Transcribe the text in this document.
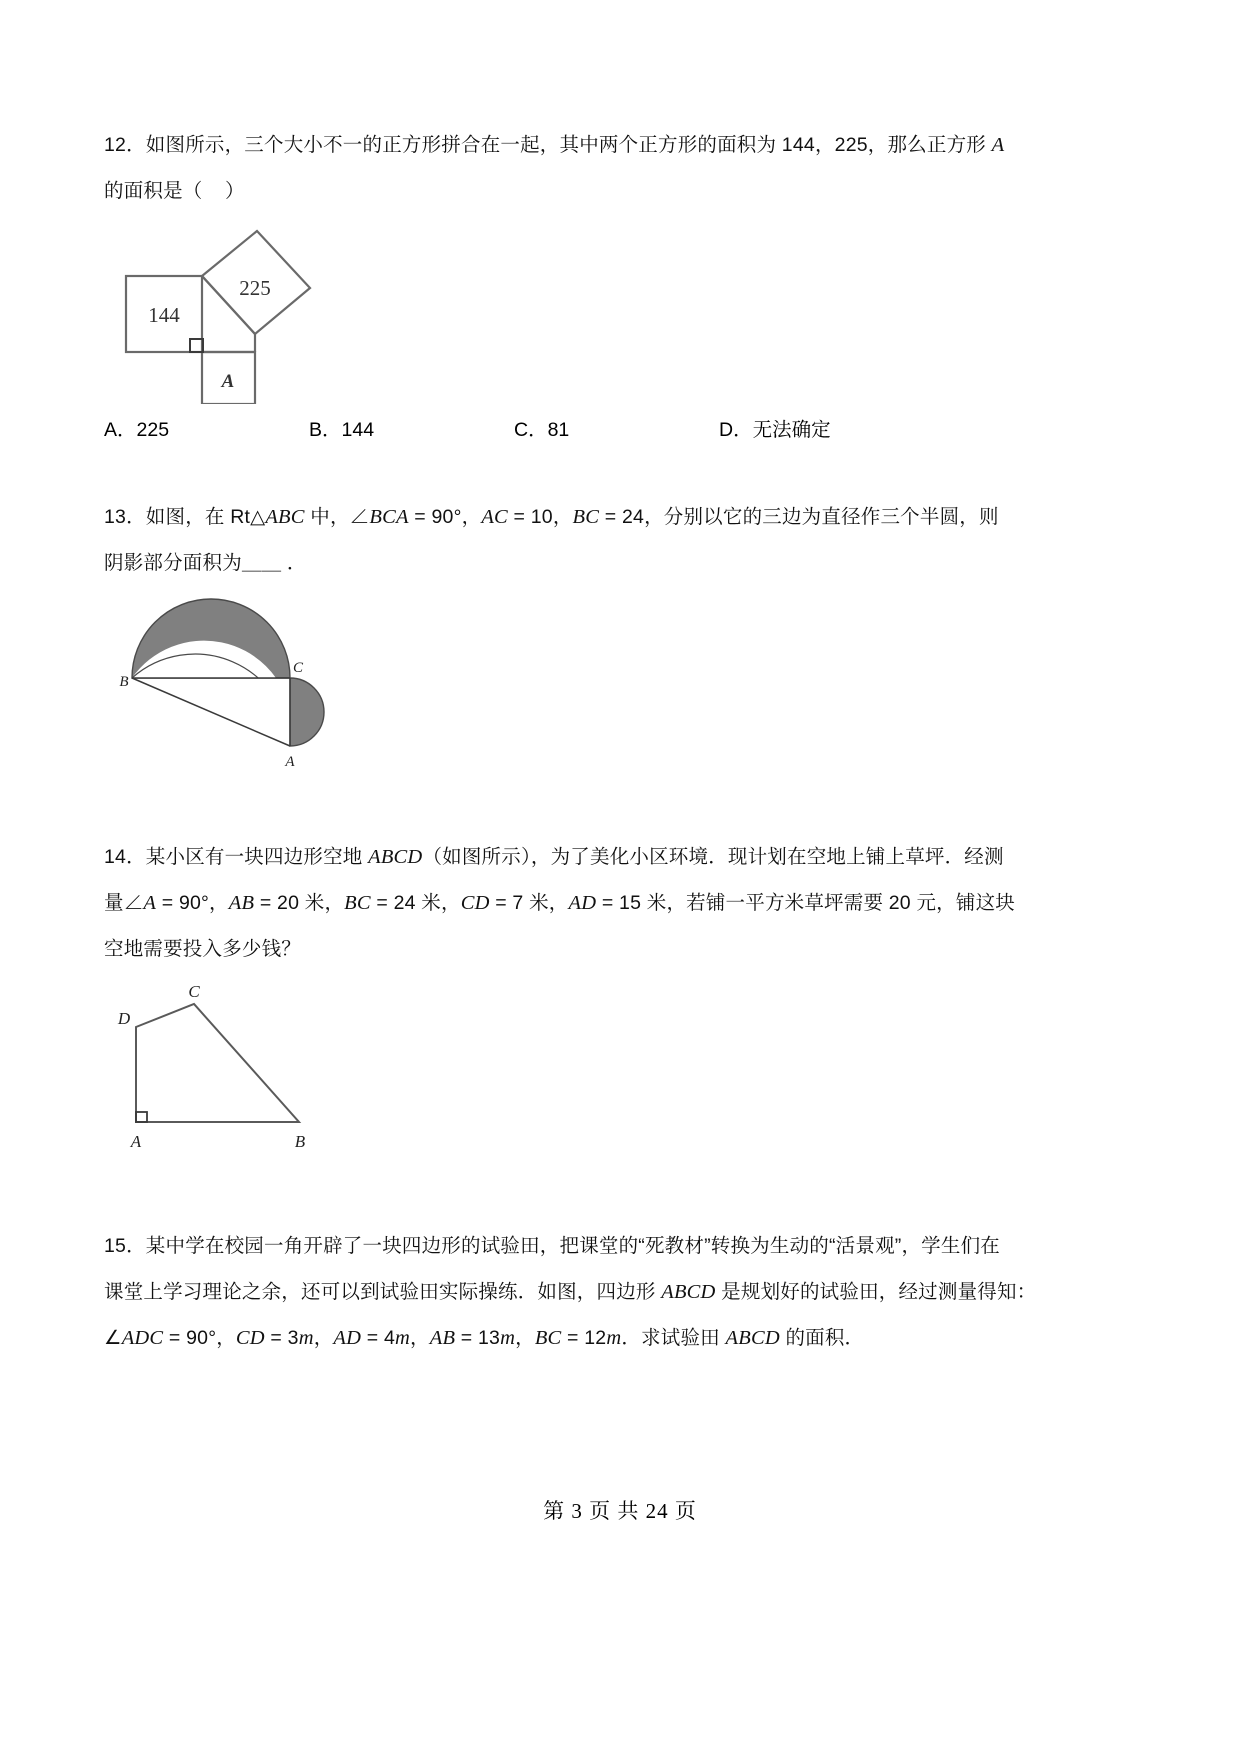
12．如图所示，三个大小不一的正方形拼合在一起，其中两个正方形的面积为 144，225，那么正方形 A
的面积是（    ）
144
225
A
A．225	B．144	C．81	D．无法确定
13．如图，在 Rt△ABC 中，∠BCA = 90°，AC = 10，BC = 24，分别以它的三边为直径作三个半圆，则
阴影部分面积为＿＿ ．
B
C
A
14．某小区有一块四边形空地 ABCD（如图所示），为了美化小区环境．现计划在空地上铺上草坪．经测
量∠A = 90°，AB = 20 米，BC = 24 米，CD = 7 米，AD = 15 米，若铺一平方米草坪需要 20 元，铺这块
空地需要投入多少钱？
A	B
C
D
15．某中学在校园一角开辟了一块四边形的试验田，把课堂的“死教材”转换为生动的“活景观”，学生们在
课堂上学习理论之余，还可以到试验田实际操练．如图，四边形 ABCD 是规划好的试验田，经过测量得知：
∠ADC = 90°，CD = 3m，AD = 4m，AB = 13m，BC = 12m．求试验田 ABCD 的面积．
第 3 页 共 24 页
